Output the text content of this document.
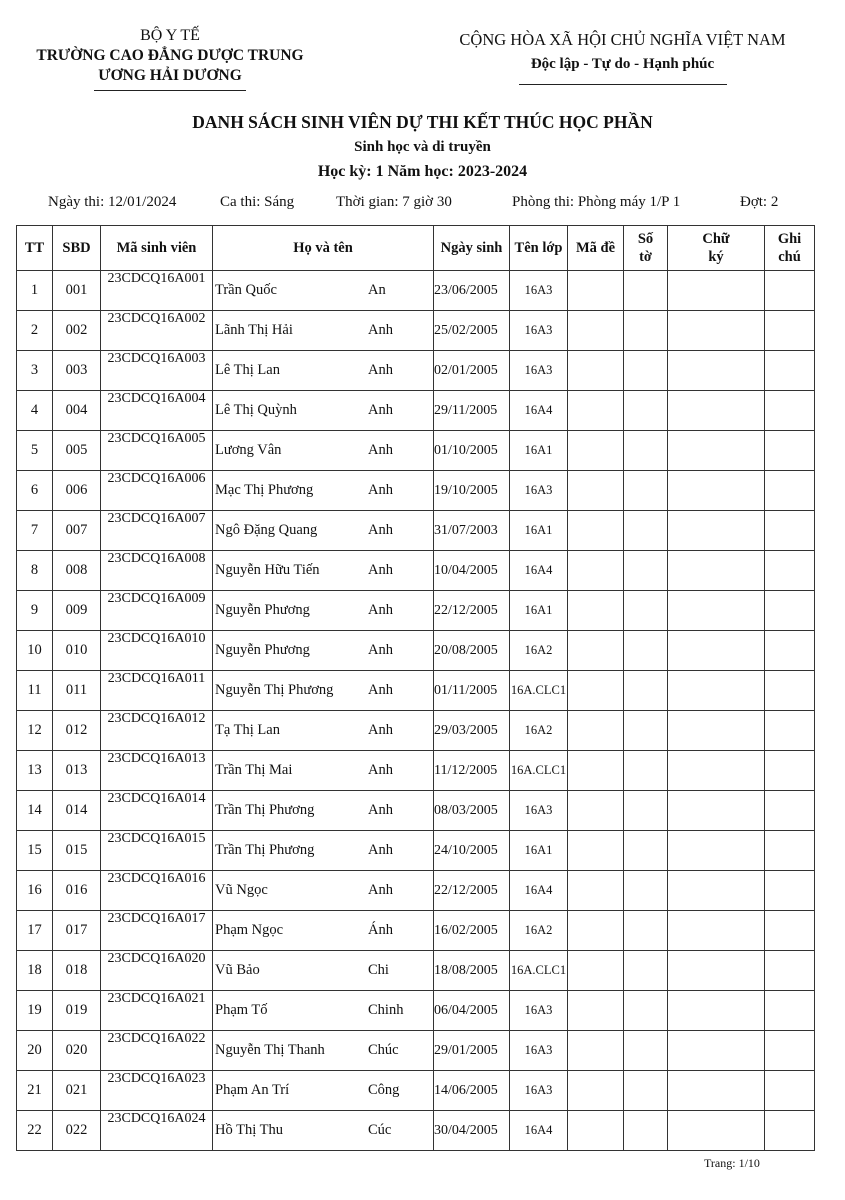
BỘ Y TẾ
TRƯỜNG CAO ĐẲNG DƯỢC TRUNG
ƯƠNG HẢI DƯƠNG
CỘNG HÒA XÃ HỘI CHỦ NGHĨA VIỆT NAM
Độc lập - Tự do - Hạnh phúc
DANH SÁCH SINH VIÊN DỰ THI KẾT THÚC HỌC PHẦN
Sinh học và di truyền
Học kỳ: 1 Năm học: 2023-2024
Ngày thi: 12/01/2024	Ca thi: Sáng	Thời gian: 7 giờ 30	Phòng thi: Phòng máy 1/P 1	Đợt: 2
TT	SBD	Mã sinh viên	Họ và tên	Ngày sinh	Tên lớp	Mã đề	Số tờ	Chữ ký	Ghi chú

1	001	23CDCQ16A001	Trần Quốc An	23/06/2005	16A3				
2	002	23CDCQ16A002	Lãnh Thị Hải Anh	25/02/2005	16A3				
3	003	23CDCQ16A003	Lê Thị Lan Anh	02/01/2005	16A3				
4	004	23CDCQ16A004	Lê Thị Quỳnh Anh	29/11/2005	16A4				
5	005	23CDCQ16A005	Lương Vân Anh	01/10/2005	16A1				
6	006	23CDCQ16A006	Mạc Thị Phương Anh	19/10/2005	16A3				
7	007	23CDCQ16A007	Ngô Đặng Quang Anh	31/07/2003	16A1				
8	008	23CDCQ16A008	Nguyễn Hữu Tiến Anh	10/04/2005	16A4				
9	009	23CDCQ16A009	Nguyễn Phương Anh	22/12/2005	16A1				
10	010	23CDCQ16A010	Nguyễn Phương Anh	20/08/2005	16A2				
11	011	23CDCQ16A011	Nguyễn Thị Phương Anh	01/11/2005	16A.CLC1				
12	012	23CDCQ16A012	Tạ Thị Lan Anh	29/03/2005	16A2				
13	013	23CDCQ16A013	Trần Thị Mai Anh	11/12/2005	16A.CLC1				
14	014	23CDCQ16A014	Trần Thị Phương Anh	08/03/2005	16A3				
15	015	23CDCQ16A015	Trần Thị Phương Anh	24/10/2005	16A1				
16	016	23CDCQ16A016	Vũ Ngọc Anh	22/12/2005	16A4				
17	017	23CDCQ16A017	Phạm Ngọc Ánh	16/02/2005	16A2				
18	018	23CDCQ16A020	Vũ Bảo Chi	18/08/2005	16A.CLC1				
19	019	23CDCQ16A021	Phạm Tố Chinh	06/04/2005	16A3				
20	020	23CDCQ16A022	Nguyễn Thị Thanh Chúc	29/01/2005	16A3				
21	021	23CDCQ16A023	Phạm An Trí Công	14/06/2005	16A3				
22	022	23CDCQ16A024	Hồ Thị Thu Cúc	30/04/2005	16A4				
Trang: 1/10
